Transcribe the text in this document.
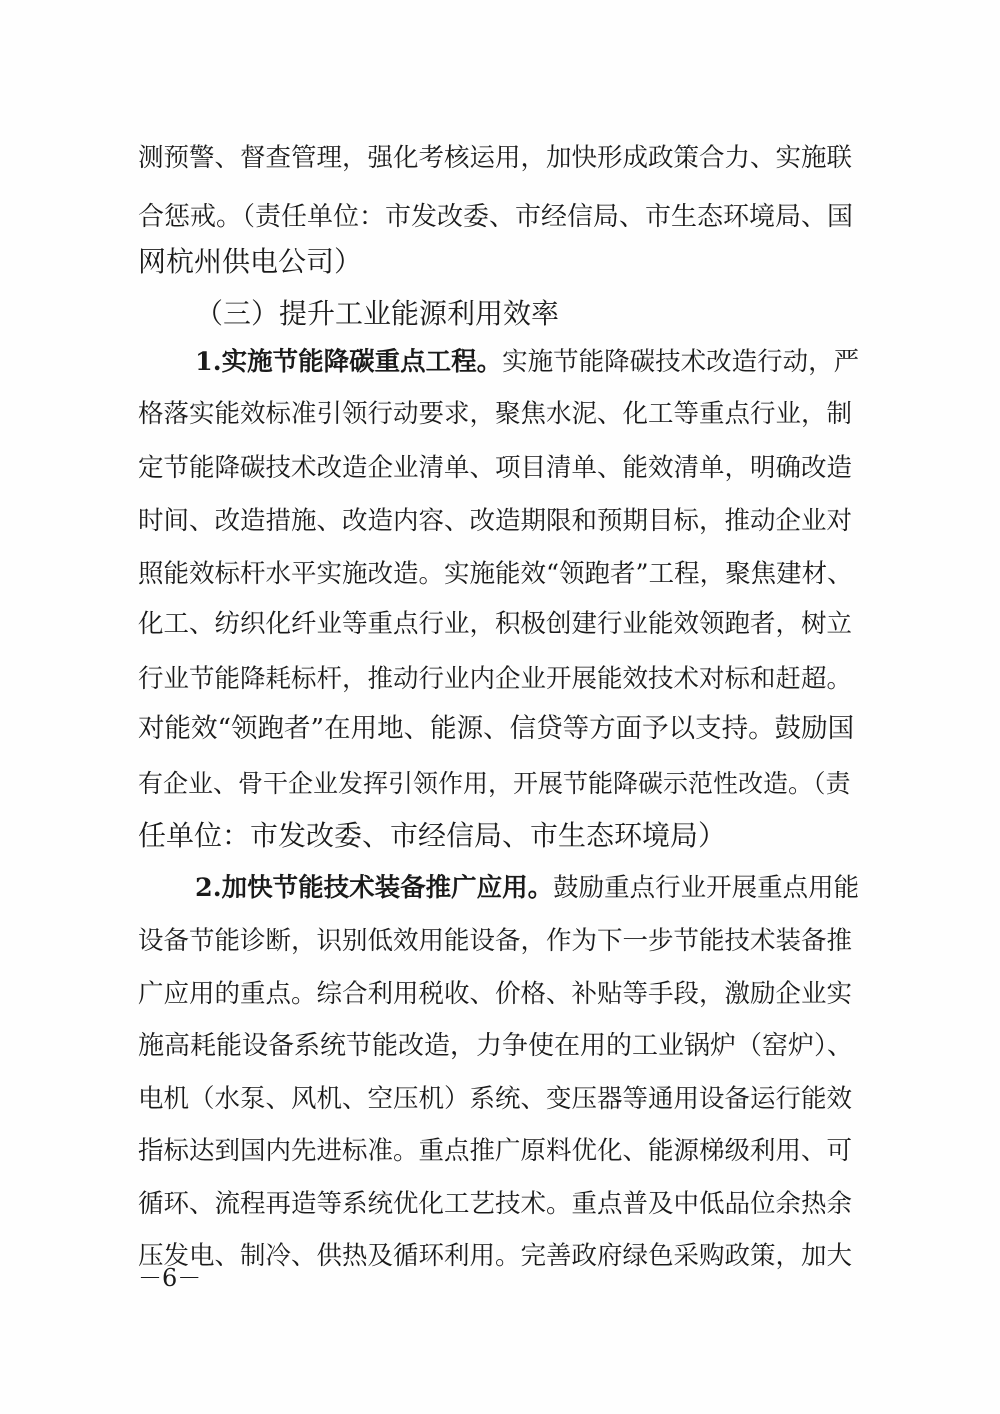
测预警、督查管理，强化考核运用，加快形成政策合力、实施联
合惩戒。（责任单位：市发改委、市经信局、市生态环境局、国
网杭州供电公司）
（三）提升工业能源利用效率
1.实施节能降碳重点工程。实施节能降碳技术改造行动，严
格落实能效标准引领行动要求，聚焦水泥、化工等重点行业，制
定节能降碳技术改造企业清单、项目清单、能效清单，明确改造
时间、改造措施、改造内容、改造期限和预期目标，推动企业对
照能效标杆水平实施改造。实施能效“领跑者”工程，聚焦建材、
化工、纺织化纤业等重点行业，积极创建行业能效领跑者，树立
行业节能降耗标杆，推动行业内企业开展能效技术对标和赶超。
对能效“领跑者”在用地、能源、信贷等方面予以支持。鼓励国
有企业、骨干企业发挥引领作用，开展节能降碳示范性改造。（责
任单位：市发改委、市经信局、市生态环境局）
2.加快节能技术装备推广应用。鼓励重点行业开展重点用能
设备节能诊断，识别低效用能设备，作为下一步节能技术装备推
广应用的重点。综合利用税收、价格、补贴等手段，激励企业实
施高耗能设备系统节能改造，力争使在用的工业锅炉（窑炉）、
电机（水泵、风机、空压机）系统、变压器等通用设备运行能效
指标达到国内先进标准。重点推广原料优化、能源梯级利用、可
循环、流程再造等系统优化工艺技术。重点普及中低品位余热余
压发电、制冷、供热及循环利用。完善政府绿色采购政策，加大
－6－
